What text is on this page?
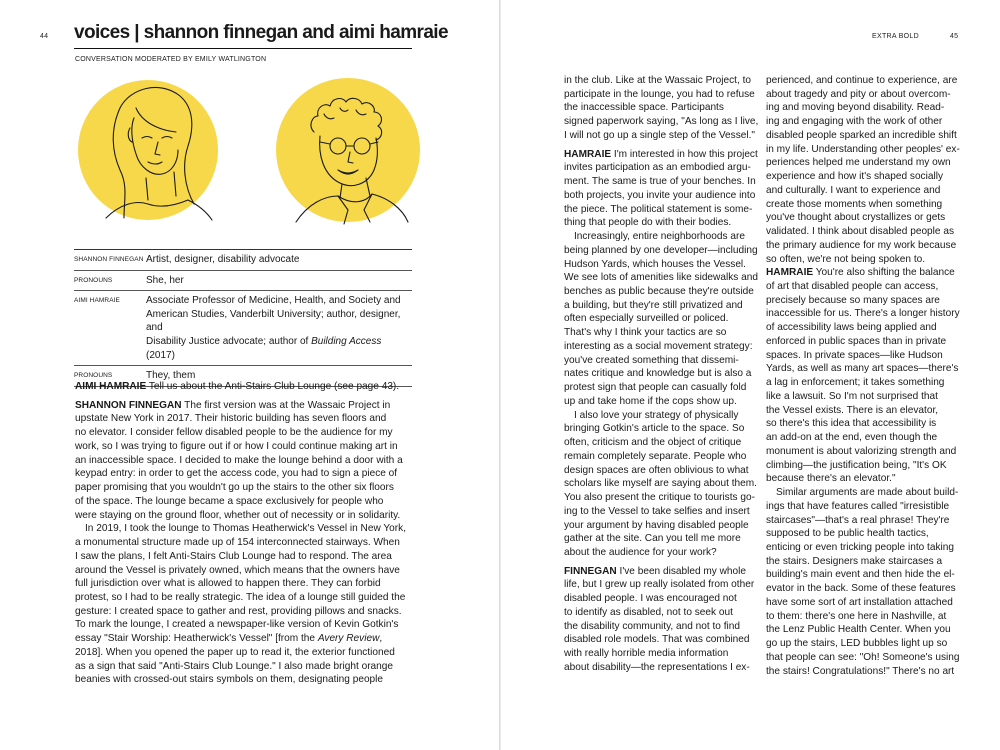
44 voices | shannon finnegan and aimi hamraie
CONVERSATION MODERATED BY EMILY WATLINGTON
SHANNON FINNEGAN Artist, designer, disability advocate
PRONOUNS	She, her
AIMI HAMRAIE	Associate Professor of Medicine, Health, and Society and
American Studies, Vanderbilt University; author, designer, and
Disability Justice advocate; author of Building Access (2017)
PRONOUNS	They, them

AIMI HAMRAIE Tell us about the Anti-Stairs Club Lounge (see page 43).

SHANNON FINNEGAN The first version was at the Wassaic Project in

upstate New York in 2017. Their historic building has seven floors and

no elevator. I consider fellow disabled people to be the audience for my

work, so I was trying to figure out if or how I could continue making art in

an inaccessible space. I decided to make the lounge behind a door with a

keypad entry: in order to get the access code, you had to sign a piece of

paper promising that you wouldn't go up the stairs to the other six floors

of the space. The lounge became a space exclusively for people who

were staying on the ground floor, whether out of necessity or in solidarity.

In 2019, I took the lounge to Thomas Heatherwick's Vessel in New York,

a monumental structure made up of 154 interconnected stairways. When

I saw the plans, I felt Anti-Stairs Club Lounge had to respond. The area

around the Vessel is privately owned, which means that the owners have

full jurisdiction over what is allowed to happen there. They can forbid

protest, so I had to be really strategic. The idea of a lounge still guided the

gesture: I created space to gather and rest, providing pillows and snacks.

To mark the lounge, I created a newspaper-like version of Kevin Gotkin's

essay "Stair Worship: Heatherwick's Vessel" [from the Avery Review,

2018]. When you opened the paper up to read it, the exterior functioned

as a sign that said "Anti-Stairs Club Lounge." I also made bright orange

beanies with crossed-out stairs symbols on them, designating people

EXTRA BOLD	45

in the club. Like at the Wassaic Project, to

participate in the lounge, you had to refuse

the inaccessible space. Participants

signed paperwork saying, "As long as I live,

I will not go up a single step of the Vessel."

HAMRAIE I'm interested in how this project

invites participation as an embodied argu-

ment. The same is true of your benches. In

both projects, you invite your audience into

the piece. The political statement is some-

thing that people do with their bodies.

Increasingly, entire neighborhoods are

being planned by one developer—including

Hudson Yards, which houses the Vessel.

We see lots of amenities like sidewalks and

benches as public because they're outside

a building, but they're still privatized and

often especially surveilled or policed.

That's why I think your tactics are so

interesting as a social movement strategy:

you've created something that dissemi-

nates critique and knowledge but is also a

protest sign that people can casually fold

up and take home if the cops show up.

I also love your strategy of physically

bringing Gotkin's article to the space. So

often, criticism and the object of critique

remain completely separate. People who

design spaces are often oblivious to what

scholars like myself are saying about them.

You also present the critique to tourists go-

ing to the Vessel to take selfies and insert

your argument by having disabled people

gather at the site. Can you tell me more

about the audience for your work?

FINNEGAN I've been disabled my whole

life, but I grew up really isolated from other

disabled people. I was encouraged not

to identify as disabled, not to seek out

the disability community, and not to find

disabled role models. That was combined

with really horrible media information

about disability—the representations I ex-

perienced, and continue to experience, are

about tragedy and pity or about overcom-

ing and moving beyond disability. Read-

ing and engaging with the work of other

disabled people sparked an incredible shift

in my life. Understanding other peoples' ex-

periences helped me understand my own

experience and how it's shaped socially

and culturally. I want to experience and

create those moments when something

you've thought about crystallizes or gets

validated. I think about disabled people as

the primary audience for my work because

so often, we're not being spoken to.

HAMRAIE You're also shifting the balance

of art that disabled people can access,

precisely because so many spaces are

inaccessible for us. There's a longer history

of accessibility laws being applied and

enforced in public spaces than in private

spaces. In private spaces—like Hudson

Yards, as well as many art spaces—there's

a lag in enforcement; it takes something

like a lawsuit. So I'm not surprised that

the Vessel exists. There is an elevator,

so there's this idea that accessibility is

an add-on at the end, even though the

monument is about valorizing strength and

climbing—the justification being, "It's OK

because there's an elevator."

Similar arguments are made about build-

ings that have features called "irresistible

staircases"—that's a real phrase! They're

supposed to be public health tactics,

enticing or even tricking people into taking

the stairs. Designers make staircases a

building's main event and then hide the el-

evator in the back. Some of these features

have some sort of art installation attached

to them: there's one here in Nashville, at

the Lenz Public Health Center. When you

go up the stairs, LED bubbles light up so

that people can see: "Oh! Someone's using

the stairs! Congratulations!" There's no art
